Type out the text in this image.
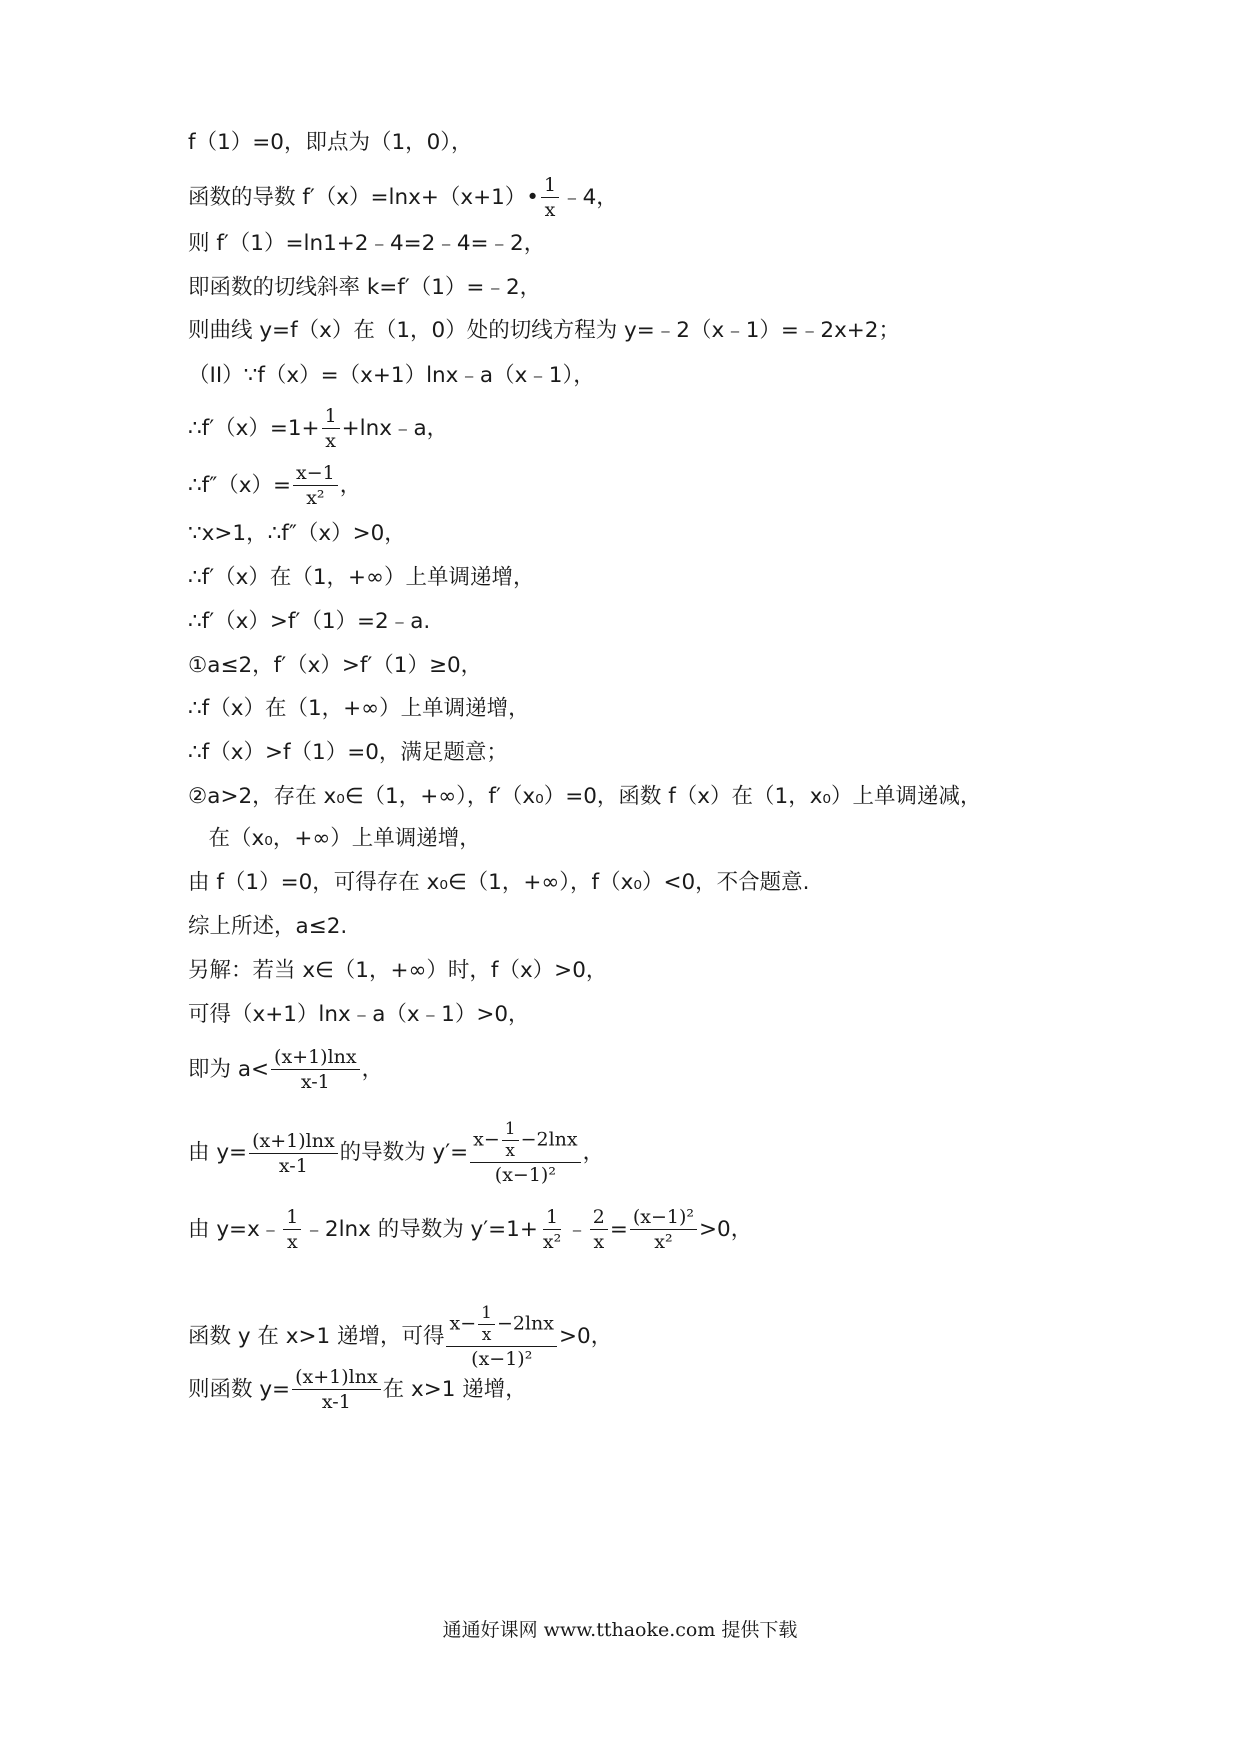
f（1）=0，即点为（1，0），
函数的导数 f′（x）=lnx+（x+1）• $\frac{1}{x}$ ﹣4，
则 f′（1）=ln1+2﹣4=2﹣4=﹣2，
即函数的切线斜率 k=f′（1）=﹣2，
则曲线 y=f（x）在（1，0）处的切线方程为 y=﹣2（x﹣1）=﹣2x+2；
（II）∵f（x）=（x+1）lnx﹣a（x﹣1），
∴f′（x）=1+ $\frac{1}{x}$ +lnx﹣a，
∴f″（x）= $\frac{x-1}{\text{x²}}$ ，
∵x>1，∴f″（x）>0，
∴f′（x）在（1，+∞）上单调递增，
∴f′（x）>f′（1）=2﹣a.
①a≤2，f′（x）>f′（1）≥0，
∴f（x）在（1，+∞）上单调递增，
∴f（x）>f（1）=0，满足题意；
②a>2，存在 x₀∈（1，+∞），f′（x₀）=0，函数 f（x）在（1，x₀）上单调递减，
在（x₀，+∞）上单调递增，
由 f（1）=0，可得存在 x₀∈（1，+∞），f（x₀）<0，不合题意.
综上所述，a≤2.
另解：若当 x∈（1，+∞）时，f（x）>0，
可得（x+1）lnx﹣a（x﹣1）>0，
即为 $a< \frac{(x+1)\ln x}{x-1}$ ，
由 $y= \frac{(x+1)\ln x}{x-1}$ 的导数为 $y'= \frac{x- \frac{1}{x} -2\ln x}{\text{(x−1)²}}$ ，
由 y=x﹣ $\frac{1}{x}$ ﹣2lnx 的导数为 $y'=1+ \frac{1}{\text{x²}}$ ﹣ $\frac{2}{x} = \frac{\text{(x−1)²}}{\text{x²}} >0$，
函数 y 在 x>1 递增，可得 $\frac{x- \frac{1}{x} -2\ln x}{\text{(x−1)²}} >0$，
则函数 $y= \frac{(x+1)\ln x}{x-1}$ 在 x>1 递增，
通通好课网 www.tthaoke.com 提供下载
